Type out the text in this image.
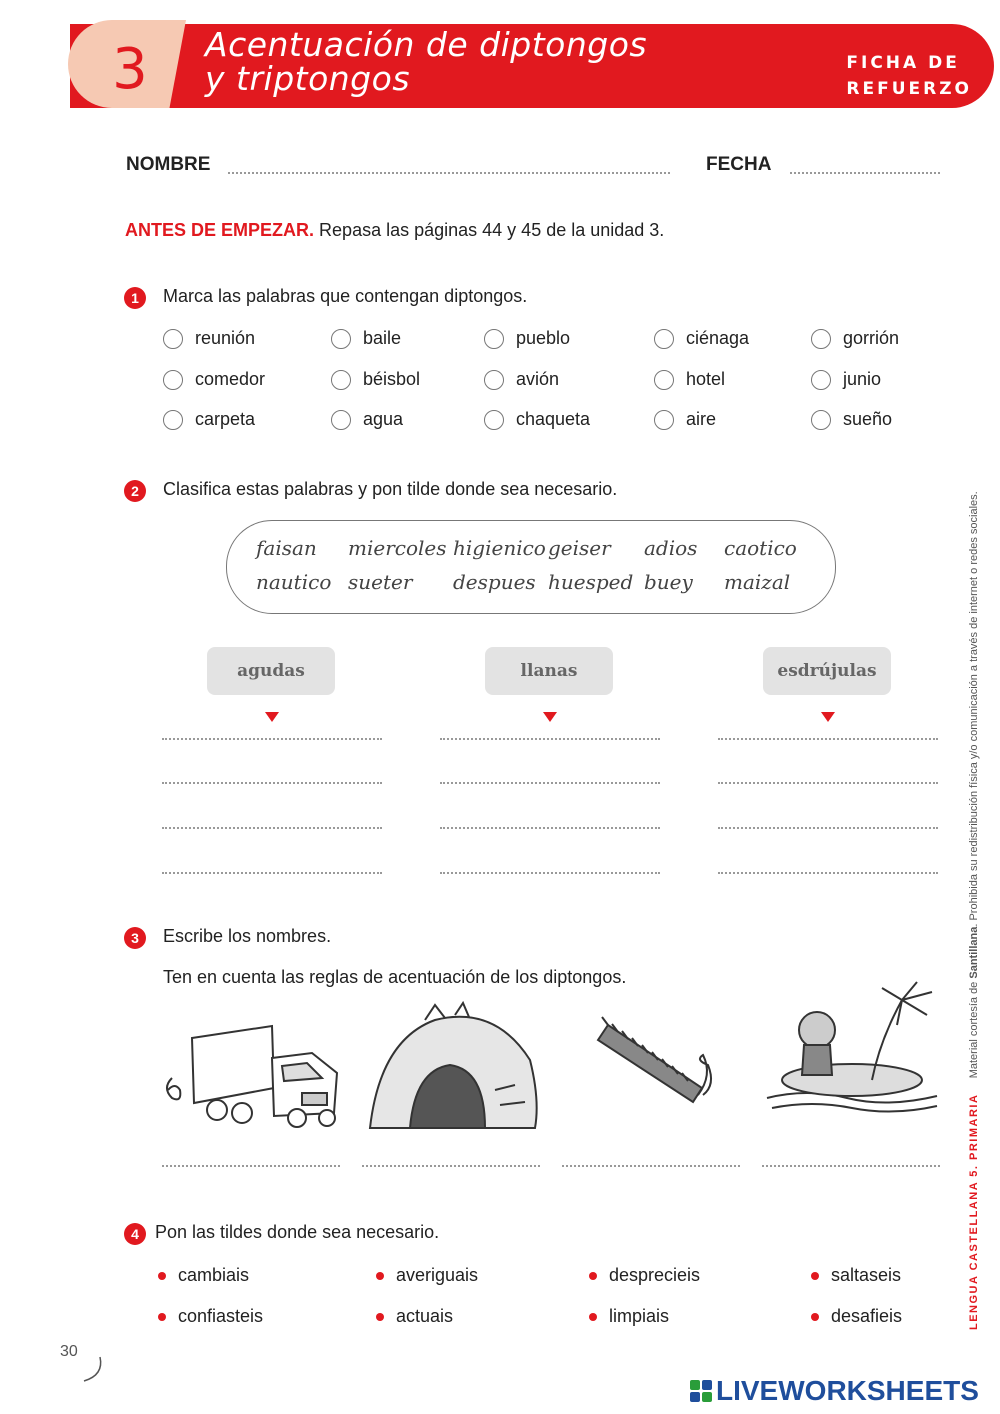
3	Acentuación de diptongos
y triptongos	FICHA DE
REFUERZO
NOMBRE	FECHA
ANTES DE EMPEZAR. Repasa las páginas 44 y 45 de la unidad 3.
1	Marca las palabras que contengan diptongos.
reunión	baile	pueblo	ciénaga	gorrión
comedor	béisbol	avión	hotel	junio
carpeta	agua	chaqueta	aire	sueño
2	Clasifica estas palabras y pon tilde donde sea necesario.
faisan miercoles higienico geiser adios caotico
nautico sueter despues huesped buey maizal
agudas	llanas	esdrújulas
3	Escribe los nombres.
Ten en cuenta las reglas de acentuación de los diptongos.
4 Pon las tildes donde sea necesario.
cambiais	averiguais	desprecieis	saltaseis
confiasteis	actuais	limpiais	desafieis	LENGUA CASTELLANA 5. PRIMARIA     Material cortesía de Santillana. Prohibida su redistribución física y/o comunicación a través de internet o redes sociales.
30
LIVEWORKSHEETS
